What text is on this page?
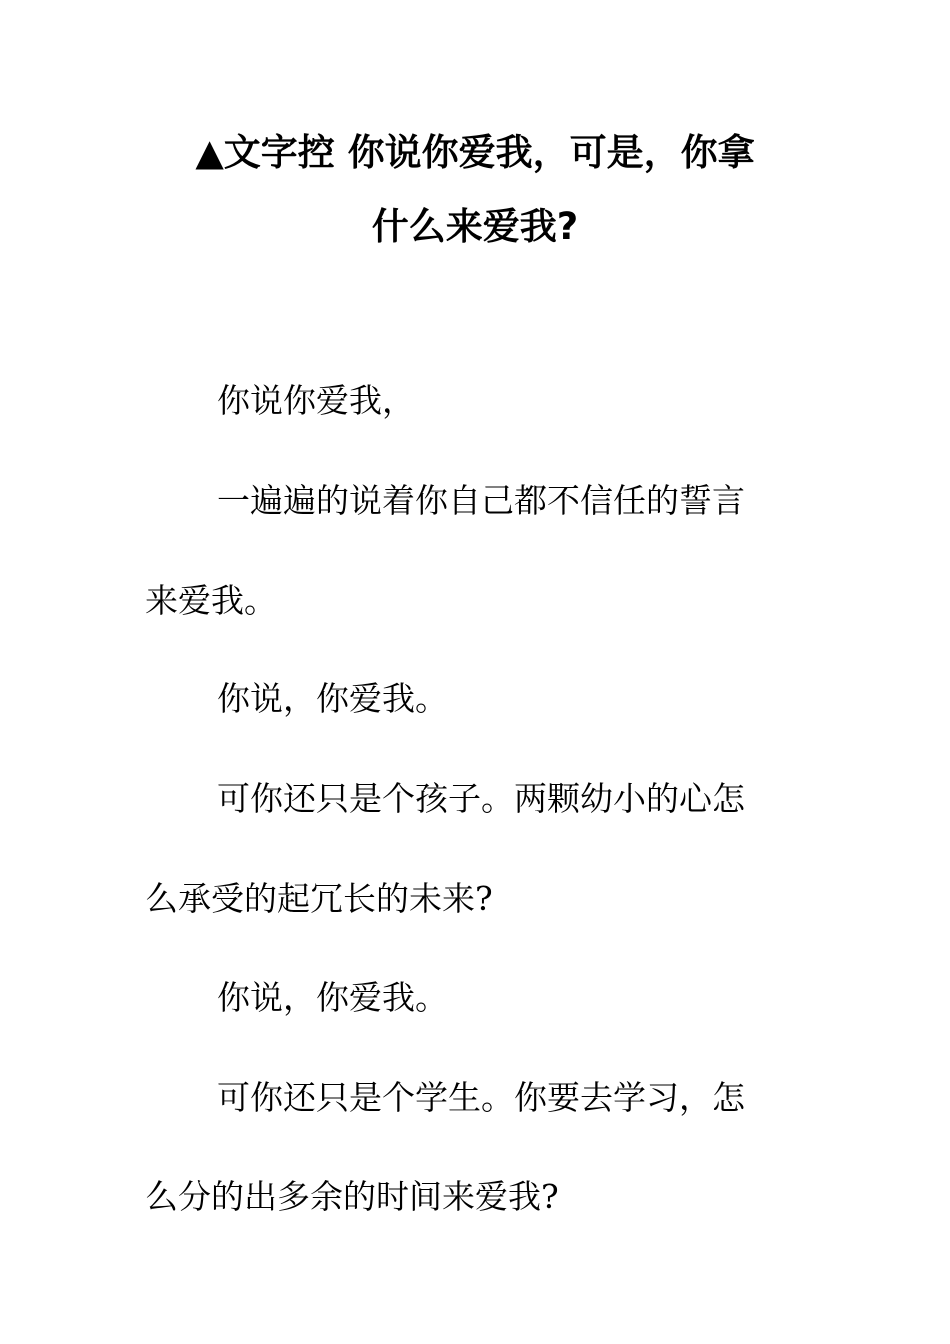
▲文字控 你说你爱我，可是，你拿
什么来爱我?

你说你爱我，

一遍遍的说着你自己都不信任的誓言

来爱我。

你说，你爱我。

可你还只是个孩子。两颗幼小的心怎

么承受的起冗长的未来?

你说，你爱我。

可你还只是个学生。你要去学习，怎

么分的出多余的时间来爱我?
